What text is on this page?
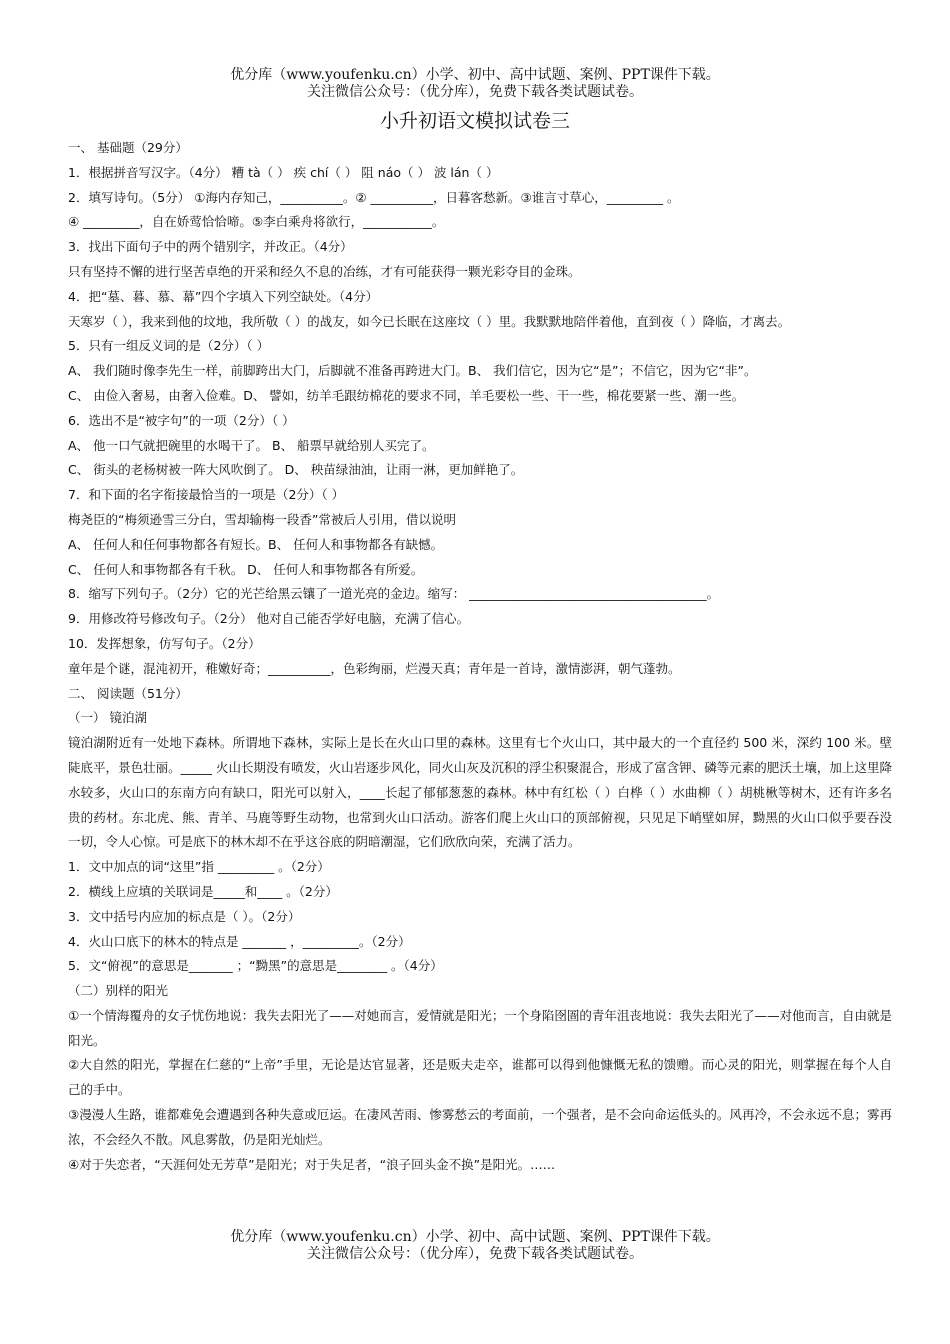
优分库（www.youfenku.cn）小学、初中、高中试题、案例、PPT课件下载。
关注微信公众号：（优分库），免费下载各类试题试卷。
小升初语文模拟试卷三

一、 基础题（29分）

1．根据拼音写汉字。（4分） 糟 tà（ ） 疾 chí（ ） 阻 náo（ ） 波 lán（ ）

2．填写诗句。（5分） ①海内存知己，__________。② __________，日暮客愁新。③谁言寸草心，_________ 。

④ _________，自在娇莺恰恰啼。⑤李白乘舟将欲行，___________。

3．找出下面句子中的两个错别字，并改正。（4分）

只有坚持不懈的进行坚苦卓绝的开采和经久不息的冶练，才有可能获得一颗光彩夺目的金珠。

4．把“墓、暮、慕、幕”四个字填入下列空缺处。（4分）

天寒岁（ ），我来到他的坟地，我所敬（ ）的战友，如今已长眠在这座坟（ ）里。我默默地陪伴着他，直到夜（ ）降临，才离去。

5．只有一组反义词的是（2分）（ ）

A、 我们随时像李先生一样，前脚跨出大门，后脚就不准备再跨进大门。B、 我们信它，因为它“是”；不信它，因为它“非”。

C、 由俭入奢易，由奢入俭难。D、 譬如，纺羊毛跟纺棉花的要求不同，羊毛要松一些、干一些，棉花要紧一些、潮一些。

6．选出不是“被字句”的一项（2分）（ ）

A、 他一口气就把碗里的水喝干了。 B、 船票早就给别人买完了。

C、 街头的老杨树被一阵大风吹倒了。 D、 秧苗绿油油，让雨一淋，更加鲜艳了。

7．和下面的名字衔接最恰当的一项是（2分）（ ）

梅尧臣的“梅须逊雪三分白，雪却输梅一段香”常被后人引用，借以说明

A、 任何人和任何事物都各有短长。B、 任何人和事物都各有缺憾。

C、 任何人和事物都各有千秋。 D、 任何人和事物都各有所爱。

8．缩写下列句子。（2分）它的光芒给黑云镶了一道光亮的金边。缩写： ______________________________________。

9．用修改符号修改句子。（2分） 他对自己能否学好电脑，充满了信心。

10．发挥想象，仿写句子。（2分）

童年是个谜，混沌初开，稚嫩好奇；__________，色彩绚丽，烂漫天真；青年是一首诗，激情澎湃，朝气蓬勃。

二、 阅读题（51分）

（一） 镜泊湖

镜泊湖附近有一处地下森林。所谓地下森林，实际上是长在火山口里的森林。这里有七个火山口，其中最大的一个直径约 500 米，深约 100 米。壁陡底平，景色壮丽。_____ 火山长期没有喷发，火山岩逐步风化，同火山灰及沉积的浮尘积聚混合，形成了富含钾、磷等元素的肥沃土壤，加上这里降水较多，火山口的东南方向有缺口，阳光可以射入，____长起了郁郁葱葱的森林。林中有红松（ ）白桦（ ）水曲柳（ ）胡桃楸等树木，还有许多名贵的药材。东北虎、熊、青羊、马鹿等野生动物，也常到火山口活动。游客们爬上火山口的顶部俯视，只见足下峭壁如屏，黝黑的火山口似乎要吞没一切，令人心惊。可是底下的林木却不在乎这谷底的阴暗潮湿，它们欣欣向荣，充满了活力。

1．文中加点的词“这里”指 _________ 。（2分）

2．横线上应填的关联词是_____和____ 。（2分）

3．文中括号内应加的标点是（ ）。（2分）

4．火山口底下的林木的特点是 _______ ，_________。（2分）

5．文“俯视”的意思是_______ ；“黝黑”的意思是________ 。（4分）

（二）别样的阳光

①一个情海覆舟的女子忧伤地说：我失去阳光了——对她而言，爱情就是阳光；一个身陷囹圄的青年沮丧地说：我失去阳光了——对他而言，自由就是阳光。

②大自然的阳光，掌握在仁慈的“上帝”手里，无论是达官显著，还是贩夫走卒，谁都可以得到他慷慨无私的馈赠。而心灵的阳光，则掌握在每个人自己的手中。

③漫漫人生路，谁都难免会遭遇到各种失意或厄运。在凄风苦雨、惨雾愁云的考面前，一个强者，是不会向命运低头的。风再冷，不会永远不息；雾再浓，不会经久不散。风息雾散，仍是阳光灿烂。

④对于失恋者，“天涯何处无芳草”是阳光；对于失足者，“浪子回头金不换”是阳光。……

优分库（www.youfenku.cn）小学、初中、高中试题、案例、PPT课件下载。
关注微信公众号：（优分库），免费下载各类试题试卷。
